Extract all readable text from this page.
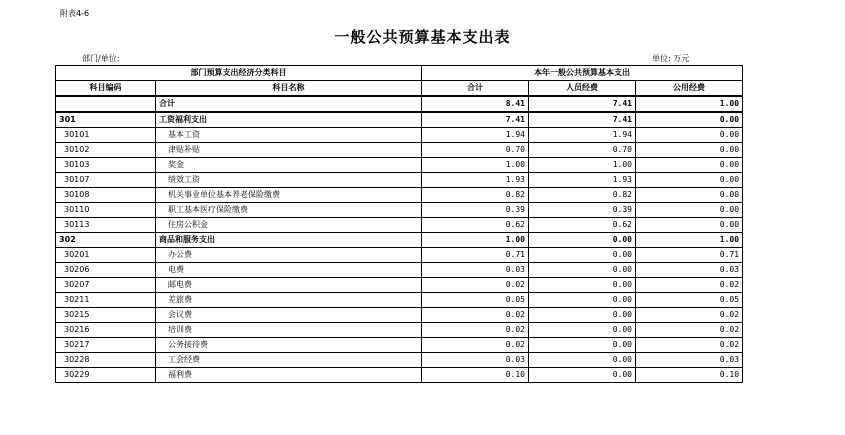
附表4-6
一般公共预算基本支出表
部门/单位:	单位: 万元
部门预算支出经济分类科目		本年一般公共预算基本支出		
科目编码	科目名称	合计	人员经费	公用经费
	合计	8.41	7.41	1.00
301	工资福利支出	7.41	7.41	0.00
30101	基本工资	1.94	1.94	0.00
30102	津贴补贴	0.70	0.70	0.00
30103	奖金	1.00	1.00	0.00
30107	绩效工资	1.93	1.93	0.00
30108	机关事业单位基本养老保险缴费	0.82	0.82	0.00
30110	职工基本医疗保险缴费	0.39	0.39	0.00
30113	住房公积金	0.62	0.62	0.00
302	商品和服务支出	1.00	0.00	1.00
30201	办公费	0.71	0.00	0.71
30206	电费	0.03	0.00	0.03
30207	邮电费	0.02	0.00	0.02
30211	差旅费	0.05	0.00	0.05
30215	会议费	0.02	0.00	0.02
30216	培训费	0.02	0.00	0.02
30217	公务接待费	0.02	0.00	0.02
30228	工会经费	0.03	0.00	0.03
30229	福利费	0.10	0.00	0.10
